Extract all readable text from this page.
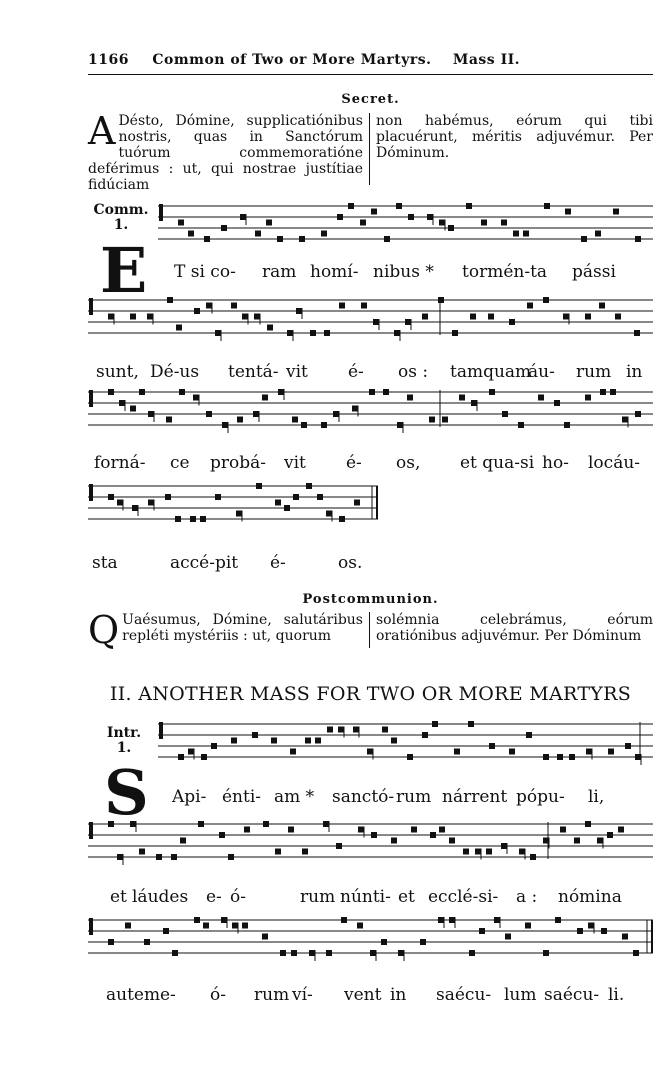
1166 Common of Two or More Martyrs. Mass II.
Secret.
A Désto, Dómine, supplicatiónibus nostris, quas in Sanctórum tuórum commemoratióne deférimus : ut, qui nostrae justítiae fidúciam
non habémus, eórum qui tibi placuérunt, méritis adjuvémur. Per Dóminum.
Comm.
1.
E T si co- ram homí- nibus * tormén-ta pássi
sunt, Dé-us tentá- vit é- os : tamquam
áu- rum in
forná- ce probá- vit é- os, et qua-si ho- locáu-
sta	accé-pit é-	os.
Postcommunion.
Q Uaésumus, Dómine, salutáribus repléti mystériis : ut, quorum
solémnia celebrámus, eórum oratiónibus adjuvémur. Per Dóminum
II. ANOTHER MASS FOR TWO OR MORE MARTYRS
Intr.
1.
S Api- énti- am * sanctó- rum nárrent pópu- li,
et láudes e- ó-	rum núnti- et ecclé-si- a : nómina
autem e- ó- rum ví- vent in saécu- lum saécu- li.
